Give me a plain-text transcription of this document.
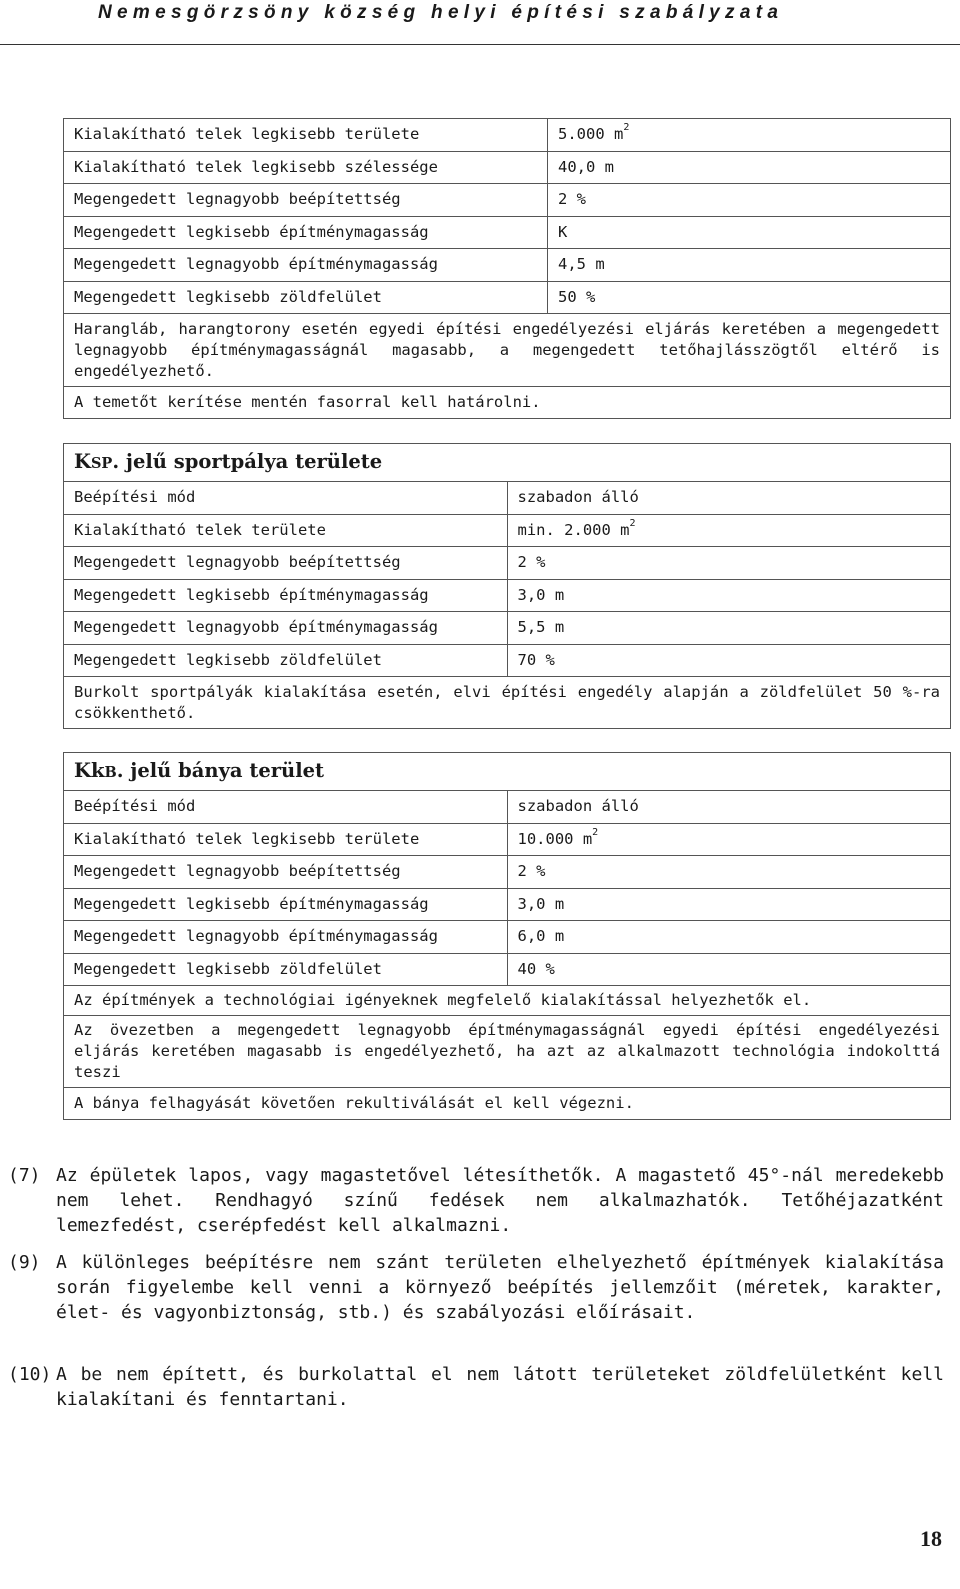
Nemesgörzsöny község helyi építési szabályzata
Kialakítható telek legkisebb területe	5.000 $m^2$
Kialakítható telek legkisebb szélessége	40,0 m
Megengedett legnagyobb beépítettség	2 %
Megengedett legkisebb építménymagasság	K
Megengedett legnagyobb építménymagasság	4,5 m
Megengedett legkisebb zöldfelület	50 %
Harangláb, harangtorony esetén egyedi építési engedélyezési eljárás keretében a megengedett legnagyobb építménymagasságnál magasabb, a megengedett tetőhajlásszögtől eltérő is engedélyezhető.	
A temetőt kerítése mentén fasorral kell határolni.	
KSP. jelű sportpálya területe	
Beépítési mód	szabadon álló
Kialakítható telek területe	min. 2.000 $m^2$
Megengedett legnagyobb beépítettség	2 %
Megengedett legkisebb építménymagasság	3,0 m
Megengedett legnagyobb építménymagasság	5,5 m
Megengedett legkisebb zöldfelület	70 %
Burkolt sportpályák kialakítása esetén, elvi építési engedély alapján a zöldfelület 50 %-ra csökkenthető.	
KkB. jelű bánya terület	
Beépítési mód	szabadon álló
Kialakítható telek legkisebb területe	10.000 $m^2$
Megengedett legnagyobb beépítettség	2 %
Megengedett legkisebb építménymagasság	3,0 m
Megengedett legnagyobb építménymagasság	6,0 m
Megengedett legkisebb zöldfelület	40 %
Az építmények a technológiai igényeknek megfelelő kialakítással helyezhetők el.	
Az övezetben a megengedett legnagyobb építménymagasságnál egyedi építési engedélyezési eljárás keretében magasabb is engedélyezhető, ha azt az alkalmazott technológia indokolttá teszi	
A bánya felhagyását követően rekultiválását el kell végezni.	
(7) Az épületek lapos, vagy magastetővel létesíthetők. A magastető 45°-nál meredekebb nem lehet. Rendhagyó színű fedések nem alkalmazhatók. Tetőhéjazatként lemezfedést, cserépfedést kell alkalmazni.
(9) A különleges beépítésre nem szánt területen elhelyezhető építmények kialakítása során figyelembe kell venni a környező beépítés jellemzőit (méretek, karakter, élet- és vagyonbiztonság, stb.) és szabályozási előírásait.
(10) A be nem épített, és burkolattal el nem látott területeket zöldfelületként kell kialakítani és fenntartani.
18
